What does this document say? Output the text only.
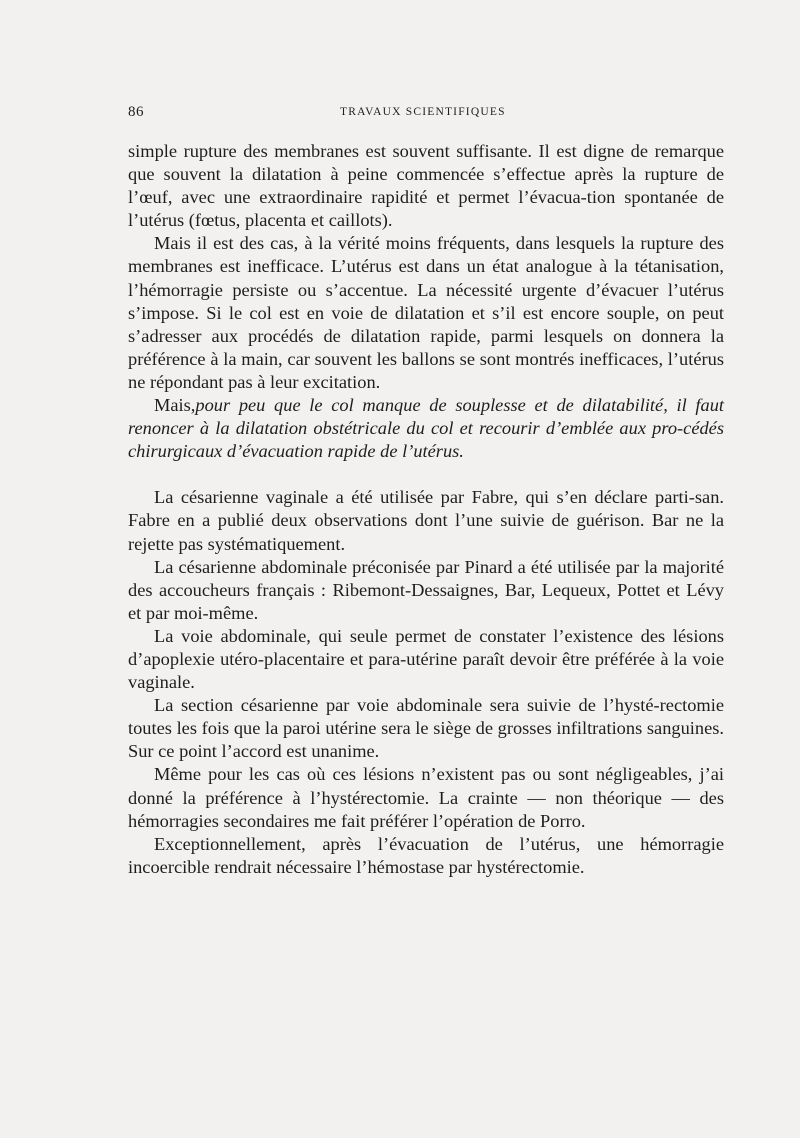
86	TRAVAUX SCIENTIFIQUES

simple rupture des membranes est souvent suffisante. Il est digne de remarque que souvent la dilatation à peine commencée s’effectue après la rupture de l’œuf, avec une extraordinaire rapidité et permet l’évacua-tion spontanée de l’utérus (fœtus, placenta et caillots).

Mais il est des cas, à la vérité moins fréquents, dans lesquels la rupture des membranes est inefficace. L’utérus est dans un état analogue à la tétanisation, l’hémorragie persiste ou s’accentue. La nécessité urgente d’évacuer l’utérus s’impose. Si le col est en voie de dilatation et s’il est encore souple, on peut s’adresser aux procédés de dilatation rapide, parmi lesquels on donnera la préférence à la main, car souvent les ballons se sont montrés inefficaces, l’utérus ne répondant pas à leur excitation.

Mais,pour peu que le col manque de souplesse et de dilatabilité, il faut renoncer à la dilatation obstétricale du col et recourir d’emblée aux pro-cédés chirurgicaux d’évacuation rapide de l’utérus.

La césarienne vaginale a été utilisée par Fabre, qui s’en déclare parti-san. Fabre en a publié deux observations dont l’une suivie de guérison. Bar ne la rejette pas systématiquement.

La césarienne abdominale préconisée par Pinard a été utilisée par la majorité des accoucheurs français : Ribemont-Dessaignes, Bar, Lequeux, Pottet et Lévy et par moi-même.

La voie abdominale, qui seule permet de constater l’existence des lésions d’apoplexie utéro-placentaire et para-utérine paraît devoir être préférée à la voie vaginale.

La section césarienne par voie abdominale sera suivie de l’hysté-rectomie toutes les fois que la paroi utérine sera le siège de grosses infiltrations sanguines. Sur ce point l’accord est unanime.

Même pour les cas où ces lésions n’existent pas ou sont négligeables, j’ai donné la préférence à l’hystérectomie. La crainte — non théorique — des hémorragies secondaires me fait préférer l’opération de Porro.

Exceptionnellement, après l’évacuation de l’utérus, une hémorragie incoercible rendrait nécessaire l’hémostase par hystérectomie.
